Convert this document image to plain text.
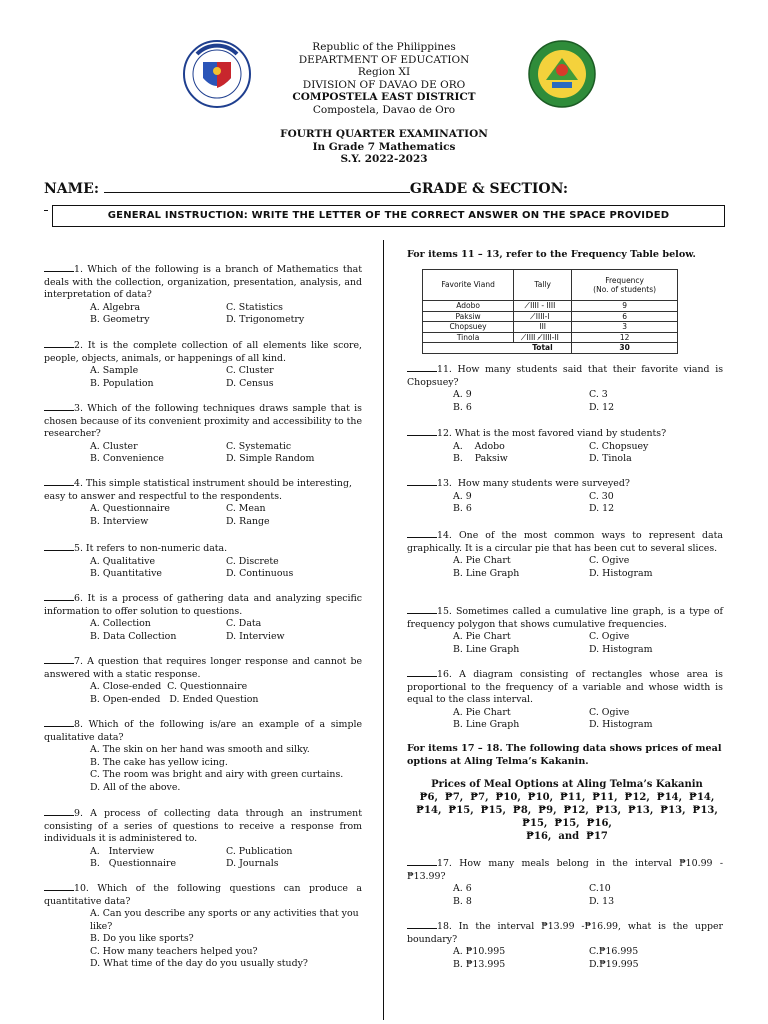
Republic of the Philippines
DEPARTMENT OF EDUCATION
Region XI
DIVISION OF DAVAO DE ORO
COMPOSTELA EAST DISTRICT
Compostela, Davao de Oro
FOURTH QUARTER EXAMINATION
In Grade 7 Mathematics
S.Y. 2022-2023
NAME:	GRADE & SECTION:
GENERAL INSTRUCTION: WRITE THE LETTER OF THE CORRECT ANSWER ON THE SPACE PROVIDED
1. Which of the following is a branch of Mathematics that deals with the collection, organization, presentation, analysis, and interpretation of data?
A. Algebra	C. Statistics
B. Geometry	D. Trigonometry
2. It is the complete collection of all elements like score, people, objects, animals, or happenings of all kind.
A. Sample	C. Cluster
B. Population	D. Census
3. Which of the following techniques draws sample that is chosen because of its convenient proximity and accessibility to the researcher?
A. Cluster	C. Systematic
B. Convenience	D. Simple Random
4. This simple statistical instrument should be interesting, easy to answer and respectful to the respondents.
A. Questionnaire	C. Mean
B. Interview	D. Range
5. It refers to non-numeric data.
A. Qualitative	C. Discrete
B. Quantitative	D. Continuous
6. It is a process of gathering data and analyzing specific information to offer solution to questions.
A. Collection	C. Data
B. Data Collection	D. Interview
7. A question that requires longer response and cannot be answered with a static response.
A. Close-ended  C. Questionnaire
B. Open-ended   D. Ended Question
8. Which of the following is/are an example of a simple qualitative data?
A. The skin on her hand was smooth and silky.
B. The cake has yellow icing.
C. The room was bright and airy with green curtains.
D. All of the above.
9. A process of collecting data through an instrument consisting of a series of questions to receive a response from individuals it is administered to.
A.   Interview	C. Publication
B.   Questionnaire	D. Journals
10. Which of the following questions can produce a quantitative data?
A. Can you describe any sports or any activities that you like?
B. Do you like sports?
C. How many teachers helped you?
D. What time of the day do you usually study?
For items 11 – 13, refer to the Frequency Table below.
Favorite Viand	Tally	Frequency
(No. of students)
Adobo	̸IIII - IIII	9
Paksiw	̸IIII-I	6
Chopsuey	III	3
Tinola	̸IIII - ̸IIII-II	12
	Total	30
11. How many students said that their favorite viand is Chopsuey?
A. 9	C. 3
B. 6	D. 12
12. What is the most favored viand by students?
A.    Adobo	C. Chopsuey
B.    Paksiw	D. Tinola
13.  How many students were surveyed?
A. 9	C. 30
B. 6	D. 12
14. One of the most common ways to represent data graphically. It is a circular pie that has been cut to several slices.
A. Pie Chart	C. Ogive
B. Line Graph	D. Histogram
15. Sometimes called a cumulative line graph, is a type of frequency polygon that shows cumulative frequencies.
A. Pie Chart	C. Ogive
B. Line Graph	D. Histogram
16. A diagram consisting of rectangles whose area is proportional to the frequency of a variable and whose width is equal to the class interval.
A. Pie Chart	C. Ogive
B. Line Graph	D. Histogram
For items 17 – 18. The following data shows prices of meal options at Aling Telma’s Kakanin.
Prices of Meal Options at Aling Telma’s Kakanin
₱6,  ₱7,  ₱7,  ₱10,  ₱10,  ₱11,  ₱11,  ₱12,  ₱14,  ₱14,
₱14,  ₱15,  ₱15,  ₱8,  ₱9,  ₱12,  ₱13,  ₱13,  ₱13,  ₱13,
₱15,  ₱15,  ₱16,
₱16,  and  ₱17
17. How many meals belong in the interval ₱10.99 - ₱13.99?
A. 6	C.10
B. 8	D. 13
18. In the interval ₱13.99 -₱16.99, what is the upper boundary?
A. ₱10.995	C.₱16.995
B. ₱13.995	D.₱19.995
